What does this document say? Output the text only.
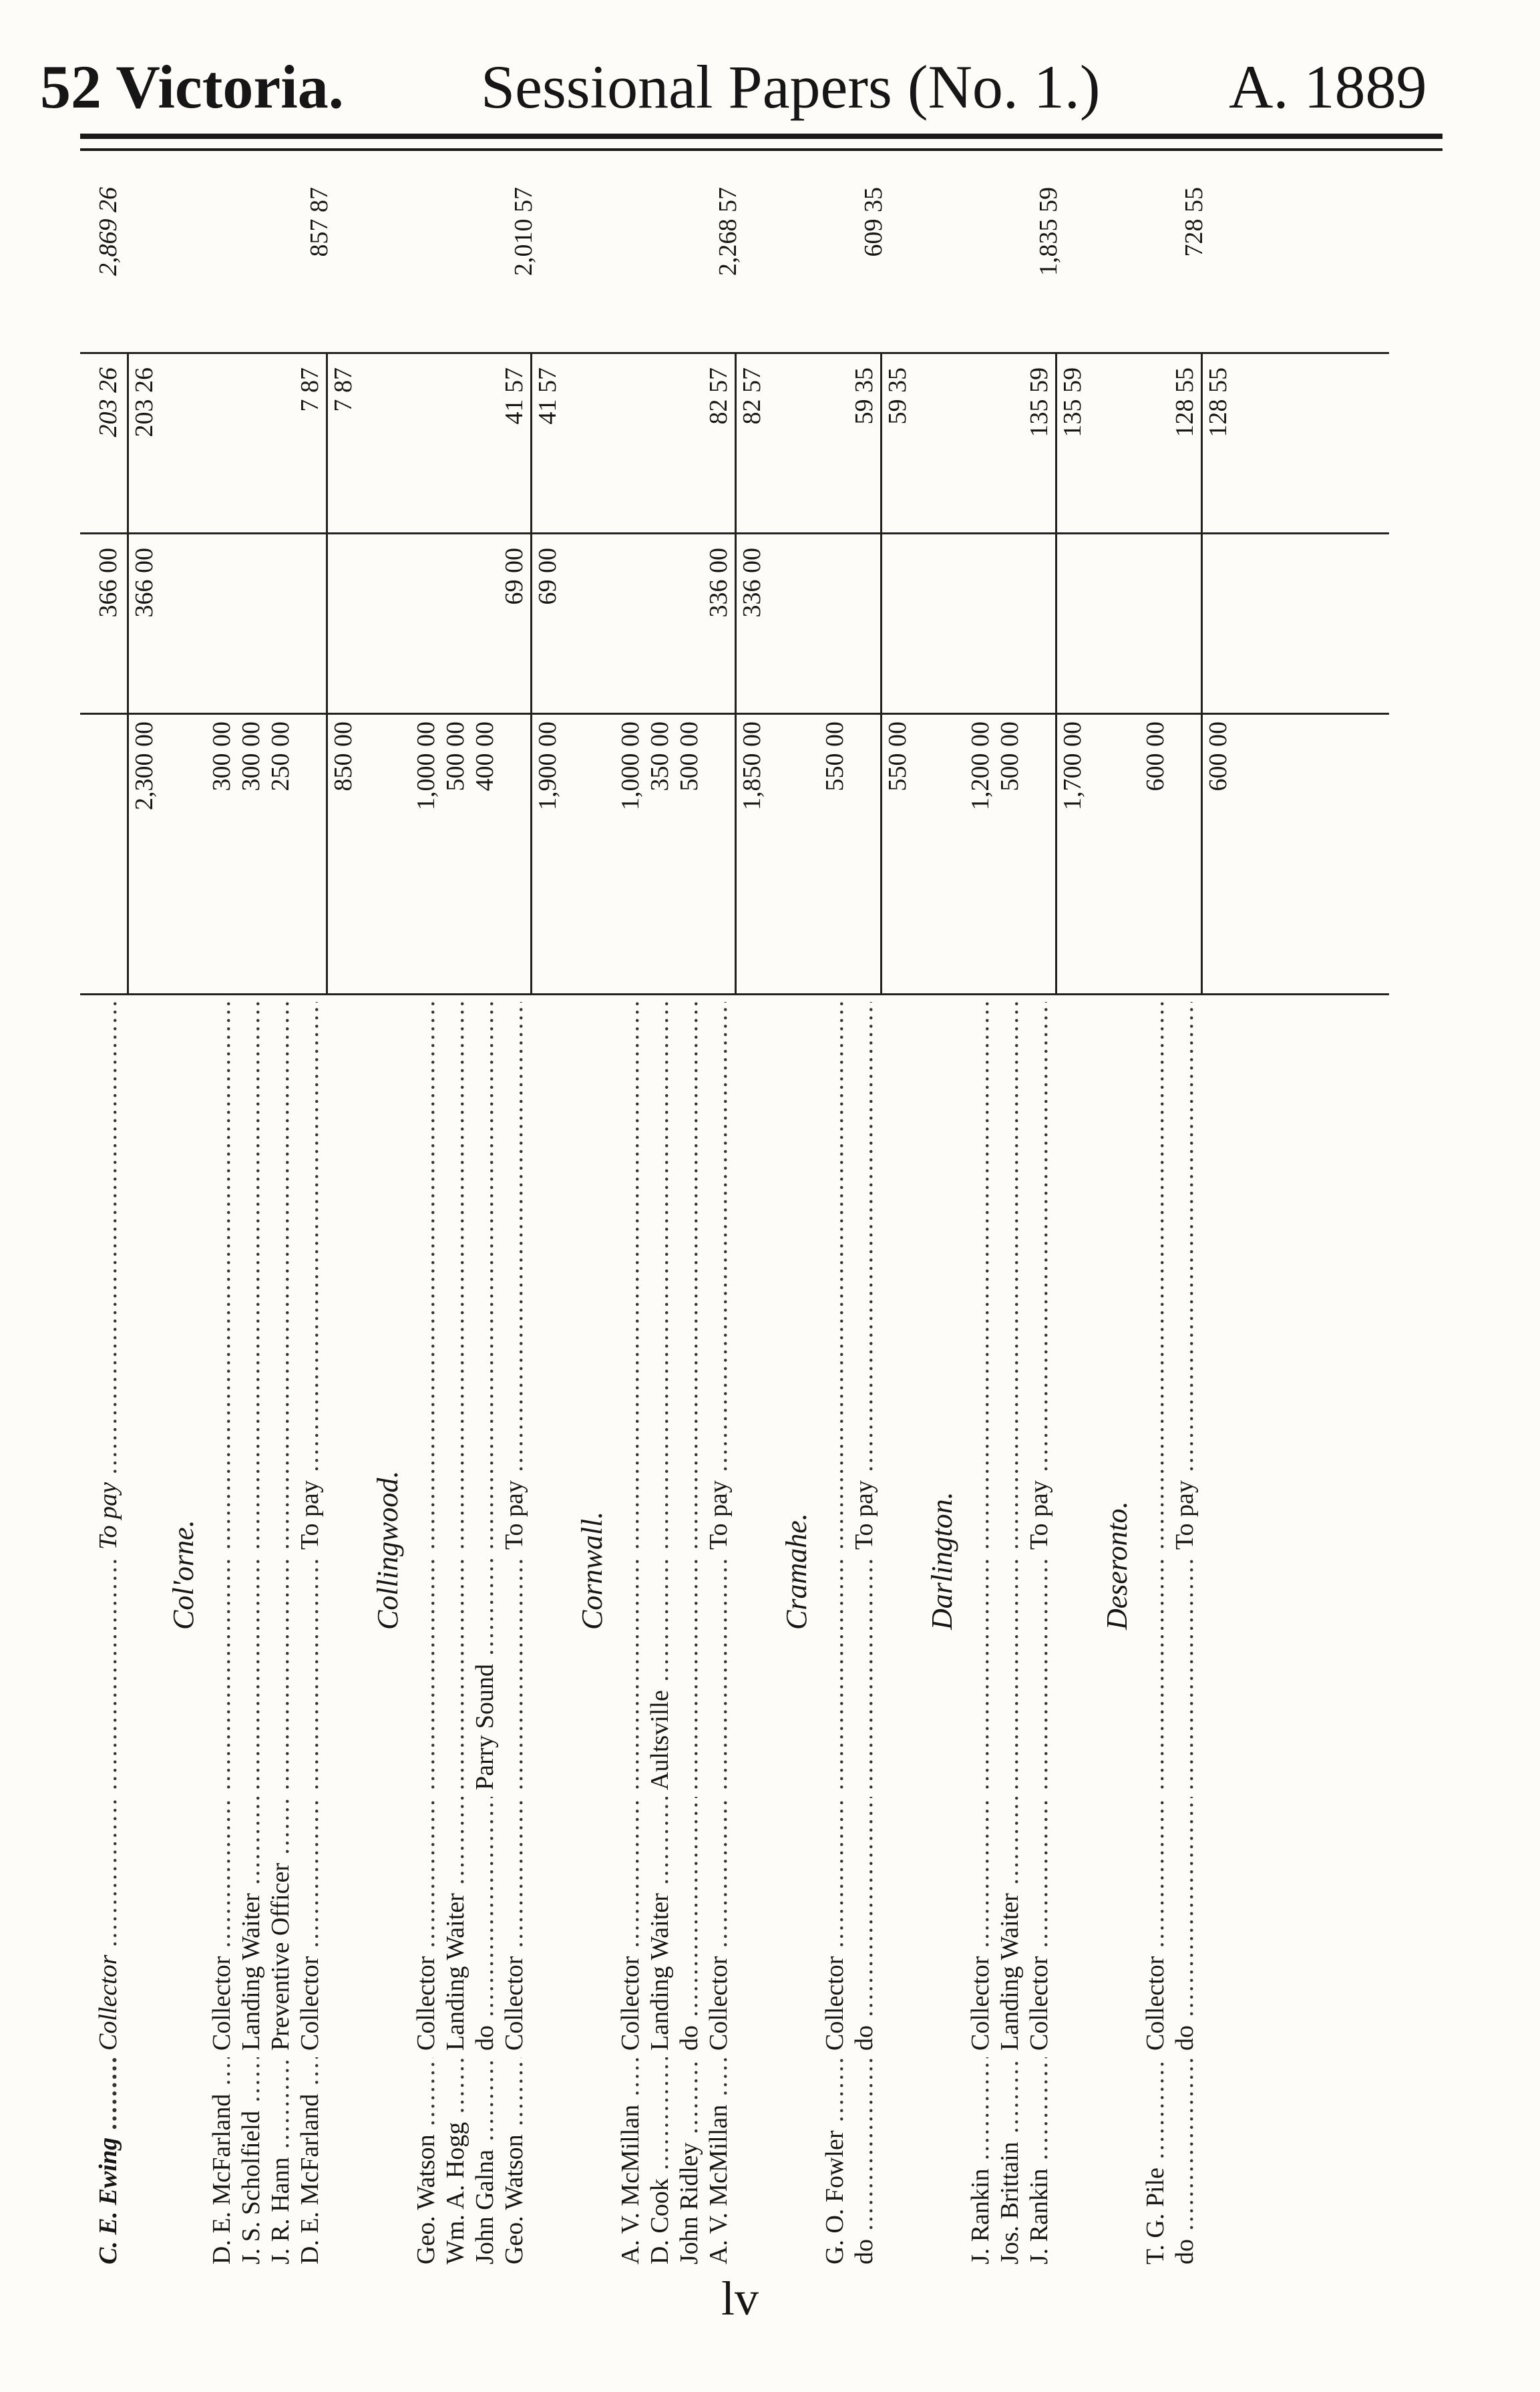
52 Victoria. Sessional Papers (No. 1.) A. 1889
C. E. Ewing .....
Collector .....
.....
To pay .....
366 00
203 26
2,869 26
2,300 00
366 00
203 26
Col'orne.
D. E. McFarland .....
Collector .....
.....
.....
300 00
J. S. Scholfield .....
Landing Waiter .....
.....
.....
300 00
J. R. Hann .....
Preventive Officer .....
.....
.....
250 00
D. E. McFarland .....
Collector .....
.....
To pay .....
7 87
850 00
7 87
857 87
Collingwood.
Geo. Watson .....
Collector .....
.....
.....
1,000 00
Wm. A. Hogg .....
Landing Waiter .....
.....
.....
500 00
John Galna .....
do .....
Parry Sound .....
.....
400 00
Geo. Watson .....
Collector .....
.....
To pay .....
69 00
41 57
1,900 00
69 00
41 57
2,010 57
Cornwall.
A. V. McMillan .....
Collector .....
.....
.....
1,000 00
D. Cook .....
Landing Waiter .....
Aultsville .....
.....
350 00
John Ridley .....
do .....
.....
.....
500 00
A. V. McMillan .....
Collector .....
.....
To pay .....
336 00
82 57
1,850 00
336 00
82 57
2,268 57
Cramahe.
G. O. Fowler .....
Collector .....
.....
.....
550 00
do .....
do .....
.....
To pay .....
59 35
550 00
59 35
609 35
Darlington.
J. Rankin .....
Collector .....
.....
.....
1,200 00
Jos. Brittain .....
Landing Waiter .....
.....
.....
500 00
J. Rankin .....
Collector .....
.....
To pay .....
135 59
1,700 00
135 59
1,835 59
Deseronto.
T. G. Pile .....
Collector .....
.....
.....
600 00
do .....
do .....
.....
To pay .....
128 55
600 00
128 55
728 55
lv
